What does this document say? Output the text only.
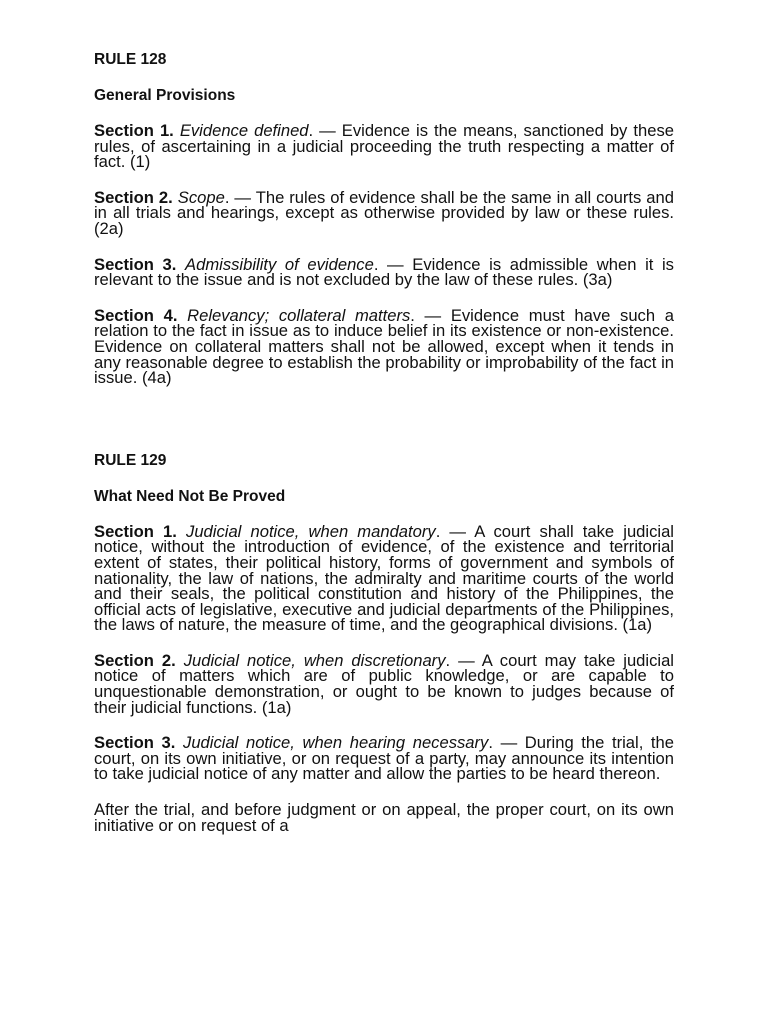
RULE 128
General Provisions

Section 1. Evidence defined. — Evidence is the means, sanctioned by these rules, of ascertaining in a judicial proceeding the truth respecting a matter of fact. (1)

Section 2. Scope. — The rules of evidence shall be the same in all courts and in all trials and hearings, except as otherwise provided by law or these rules. (2a)

Section 3. Admissibility of evidence. — Evidence is admissible when it is relevant to the issue and is not excluded by the law of these rules. (3a)

Section 4. Relevancy; collateral matters. — Evidence must have such a relation to the fact in issue as to induce belief in its existence or non-existence. Evidence on collateral matters shall not be allowed, except when it tends in any reasonable degree to establish the probability or improbability of the fact in issue. (4a)

RULE 129
What Need Not Be Proved

Section 1. Judicial notice, when mandatory. — A court shall take judicial notice, without the introduction of evidence, of the existence and territorial extent of states, their political history, forms of government and symbols of nationality, the law of nations, the admiralty and maritime courts of the world and their seals, the political constitution and history of the Philippines, the official acts of legislative, executive and judicial departments of the Philippines, the laws of nature, the measure of time, and the geographical divisions. (1a)

Section 2. Judicial notice, when discretionary. — A court may take judicial notice of matters which are of public knowledge, or are capable to unquestionable demonstration, or ought to be known to judges because of their judicial functions. (1a)

Section 3. Judicial notice, when hearing necessary. — During the trial, the court, on its own initiative, or on request of a party, may announce its intention to take judicial notice of any matter and allow the parties to be heard thereon.

After the trial, and before judgment or on appeal, the proper court, on its own initiative or on request of a
